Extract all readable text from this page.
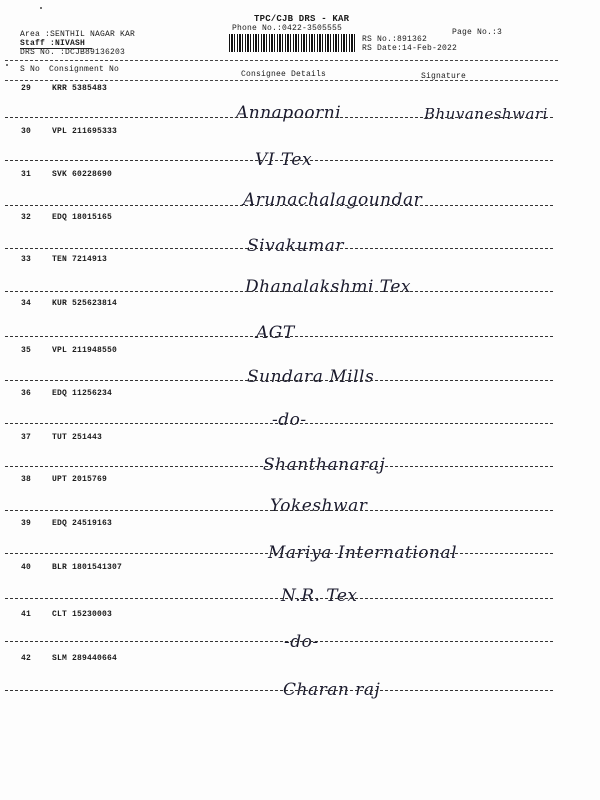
TPC/CJB DRS - KAR
Phone No.:0422-3505555	Page No.:3
Area :SENTHIL NAGAR KAR
Staff :NIVASH
DRS No. :DCJB89136203
RS No.:891362
RS Date:14-Feb-2022
S No Consignment No
Consignee Details	Signature
29	KRR 5385483
Annapoorni	Bhuvaneshwari
30	VPL 211695333
VI Tex
31	SVK 60228690
Arunachalagoundar
32	EDQ 18015165
Sivakumar
33	TEN 7214913
Dhanalakshmi Tex
34	KUR 525623814
AGT
35	VPL 211948550
Sundara Mills
36	EDQ 11256234
-do-
37	TUT 251443
Shanthanaraj
38	UPT 2015769
Yokeshwar
39	EDQ 24519163
Mariya International
40	BLR 1801541307
N.R. Tex
41	CLT 15230003
-do-
42	SLM 289440664
Charan raj
